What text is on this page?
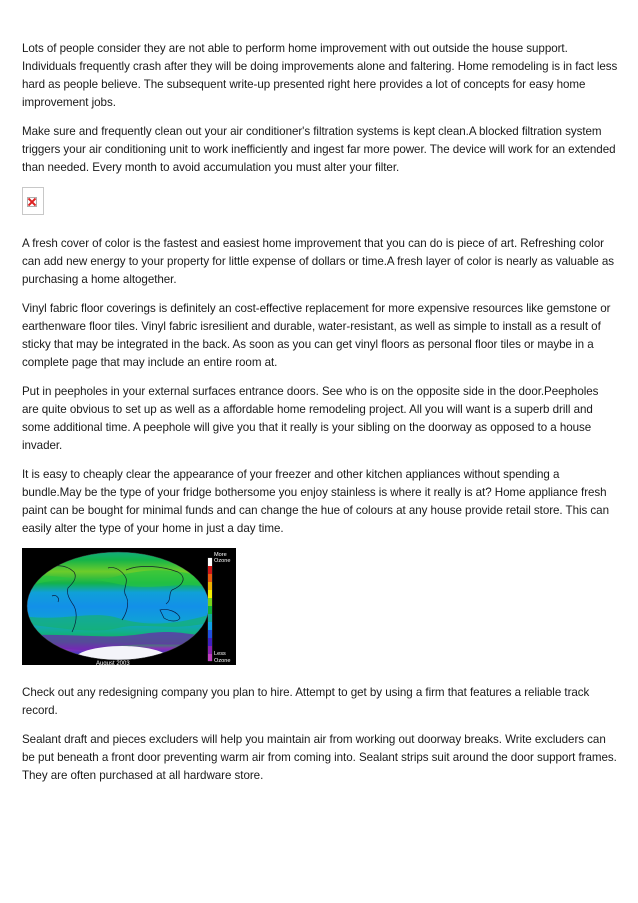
Lots of people consider they are not able to perform home improvement with out outside the house support. Individuals frequently crash after they will be doing improvements alone and faltering. Home remodeling is in fact less hard as people believe. The subsequent write-up presented right here provides a lot of concepts for easy home improvement jobs.

Make sure and frequently clean out your air conditioner's filtration systems is kept clean.A blocked filtration system triggers your air conditioning unit to work inefficiently and ingest far more power. The device will work for an extended than needed. Every month to avoid accumulation you must alter your filter.

A fresh cover of color is the fastest and easiest home improvement that you can do is piece of art. Refreshing color can add new energy to your property for little expense of dollars or time.A fresh layer of color is nearly as valuable as purchasing a home altogether.

Vinyl fabric floor coverings is definitely an cost-effective replacement for more expensive resources like gemstone or earthenware floor tiles. Vinyl fabric isresilient and durable, water-resistant, as well as simple to install as a result of sticky that may be integrated in the back. As soon as you can get vinyl floors as personal floor tiles or maybe in a complete page that may include an entire room at.

Put in peepholes in your external surfaces entrance doors. See who is on the opposite side in the door.Peepholes are quite obvious to set up as well as a affordable home remodeling project. All you will want is a superb drill and some additional time. A peephole will give you that it really is your sibling on the doorway as opposed to a house invader.

It is easy to cheaply clear the appearance of your freezer and other kitchen appliances without spending a bundle.May be the type of your fridge bothersome you enjoy stainless is where it really is at? Home appliance fresh paint can be bought for minimal funds and can change the hue of colours at any house provide retail store. This can easily alter the type of your home in just a day time.

More
Ozone
Less
Ozone
August 2003

Check out any redesigning company you plan to hire. Attempt to get by using a firm that features a reliable track record.

Sealant draft and pieces excluders will help you maintain air from working out doorway breaks. Write excluders can be put beneath a front door preventing warm air from coming into. Sealant strips suit around the door support frames. They are often purchased at all hardware store.
